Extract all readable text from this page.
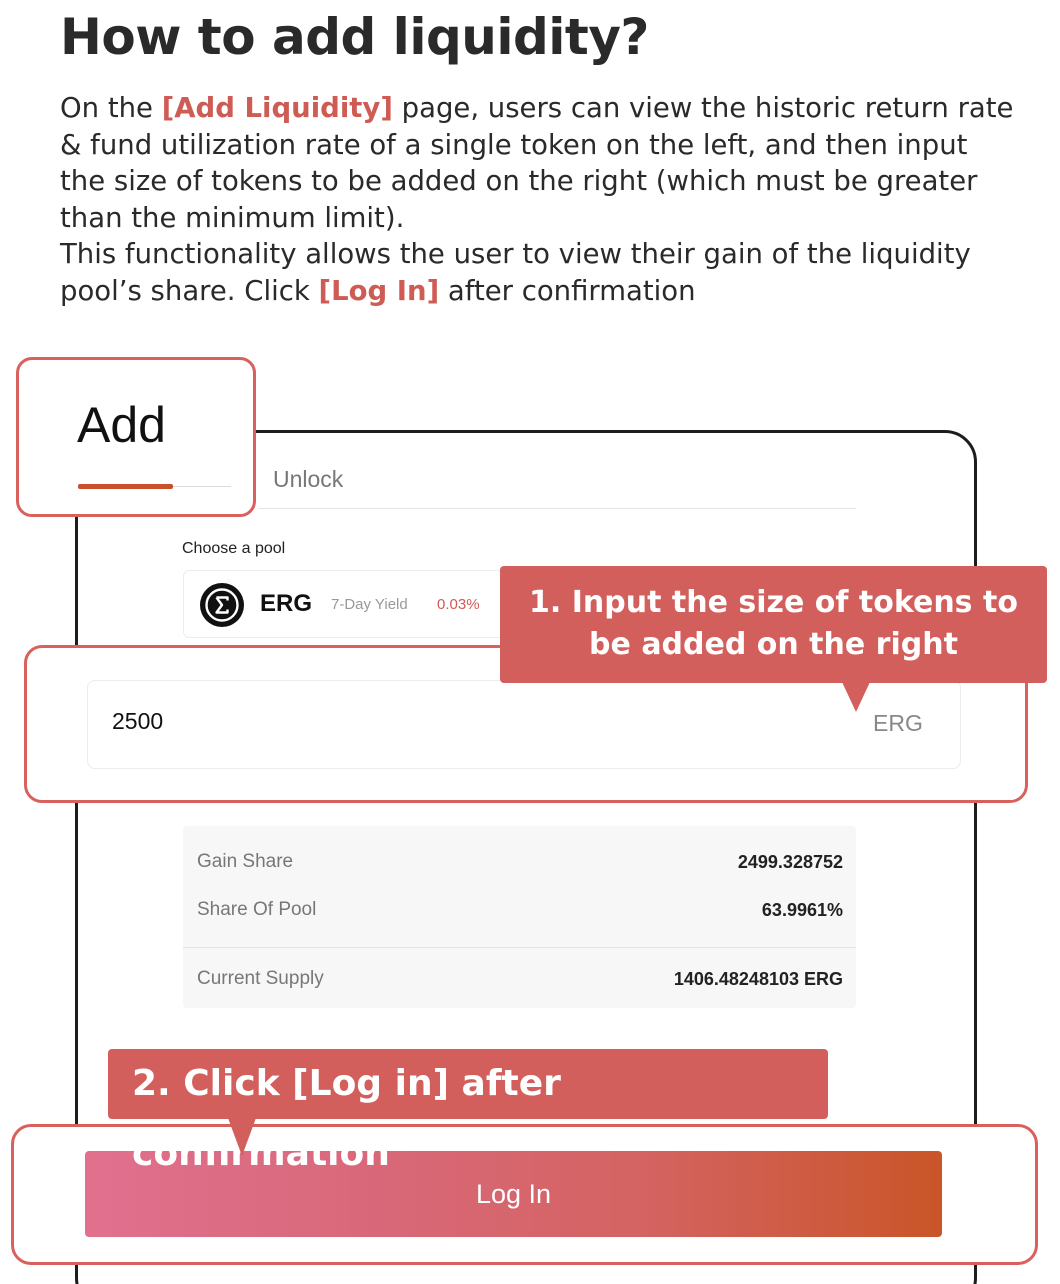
How to add liquidity?

On the [Add Liquidity] page, users can view the historic return rate & fund utilization rate of a single token on the left, and then input the size of tokens to be added on the right (which must be greater than the minimum limit).
This functionality allows the user to view their gain of the liquidity pool’s share. Click [Log In] after confirmation

Unlock
Add
Choose a pool
ERG 7-Day Yield 0.03%	1. Input the size of tokens to
be added on the right
2500	ERG
Gain Share	2499.328752
Share Of Pool	63.9961%
Current Supply	1406.48248103 ERG
2. Click [Log in] after confirmation
Log In
